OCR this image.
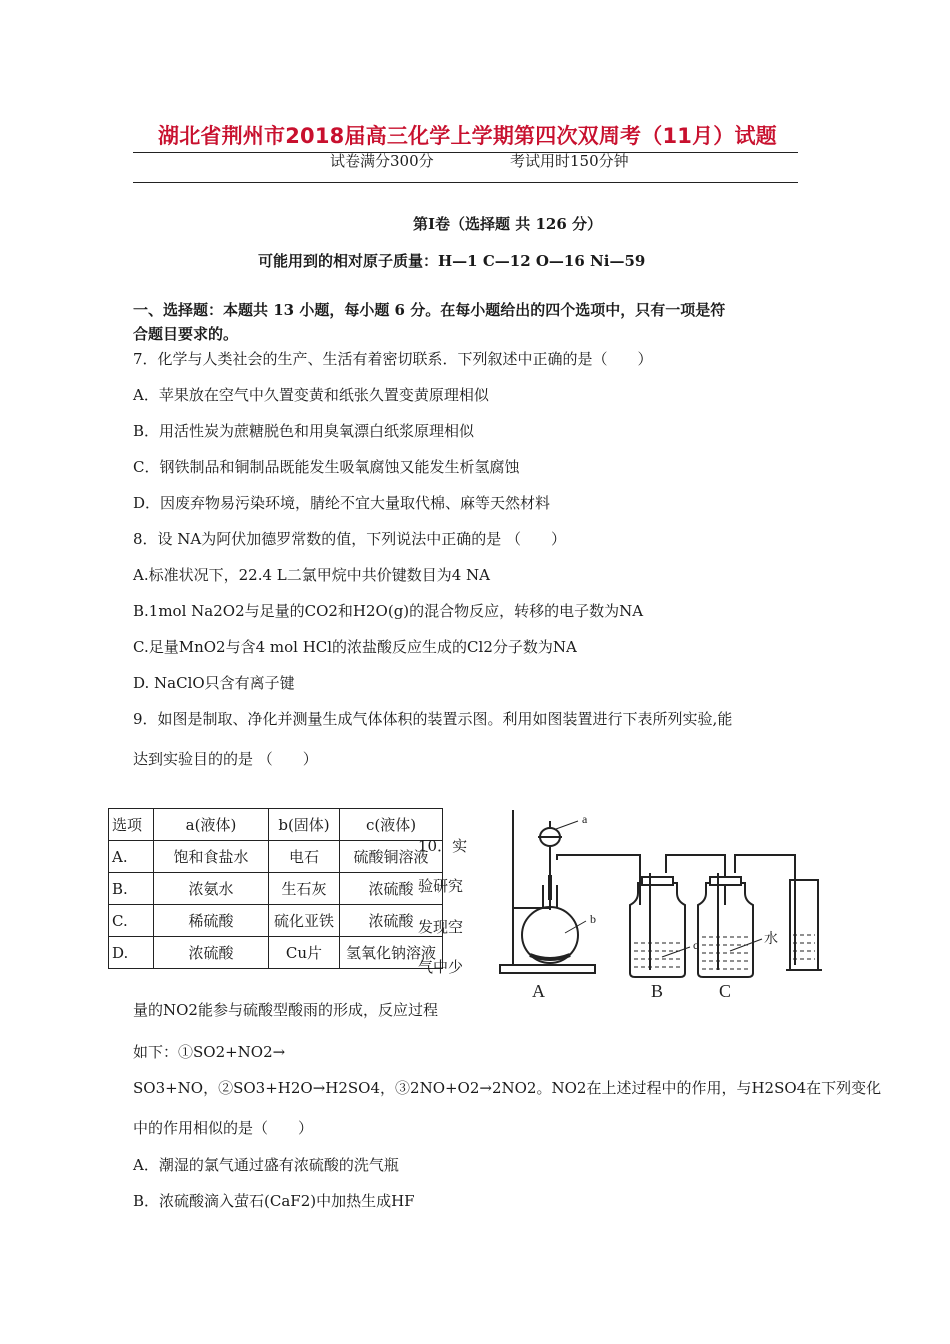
湖北省荆州市2018届高三化学上学期第四次双周考（11月）试题
试卷满分300分	考试用时150分钟
第Ⅰ卷（选择题 共 126 分）
可能用到的相对原子质量：H—1 C—12 O—16 Ni—59
一、选择题：本题共 13 小题，每小题 6 分。在每小题给出的四个选项中，只有一项是符
合题目要求的。
7．化学与人类社会的生产、生活有着密切联系．下列叙述中正确的是（　　）
A．苹果放在空气中久置变黄和纸张久置变黄原理相似
B．用活性炭为蔗糖脱色和用臭氧漂白纸浆原理相似
C．钢铁制品和铜制品既能发生吸氧腐蚀又能发生析氢腐蚀
D．因废弃物易污染环境，腈纶不宜大量取代棉、麻等天然材料
8．设 NA为阿伏加德罗常数的值，下列说法中正确的是 （　　）
A.标准状况下，22.4 L二氯甲烷中共价键数目为4 NA
B.1mol Na2O2与足量的CO2和H2O(g)的混合物反应，转移的电子数为NA
C.足量MnO2与含4 mol HCl的浓盐酸反应生成的Cl2分子数为NA
D. NaClO只含有离子键
9．如图是制取、净化并测量生成气体体积的装置示图。利用如图装置进行下表所列实验,能
达到实验目的的是 （　　）
选项	a(液体)	b(固体)	c(液体)
A.	饱和食盐水	电石	硫酸铜溶液
B.	浓氨水	生石灰	浓硫酸
C.	稀硫酸	硫化亚铁	浓硫酸
D.	浓硫酸	Cu片	氢氧化钠溶液
10．实
验研究
发现空
气中少
a
b
c	水
A	B	C
量的NO2能参与硫酸型酸雨的形成，反应过程
如下：①SO2+NO2→
SO3+NO，②SO3+H2O→H2SO4，③2NO+O2→2NO2。NO2在上述过程中的作用，与H2SO4在下列变化
中的作用相似的是（　　）
A．潮湿的氯气通过盛有浓硫酸的洗气瓶
B．浓硫酸滴入萤石(CaF2)中加热生成HF
